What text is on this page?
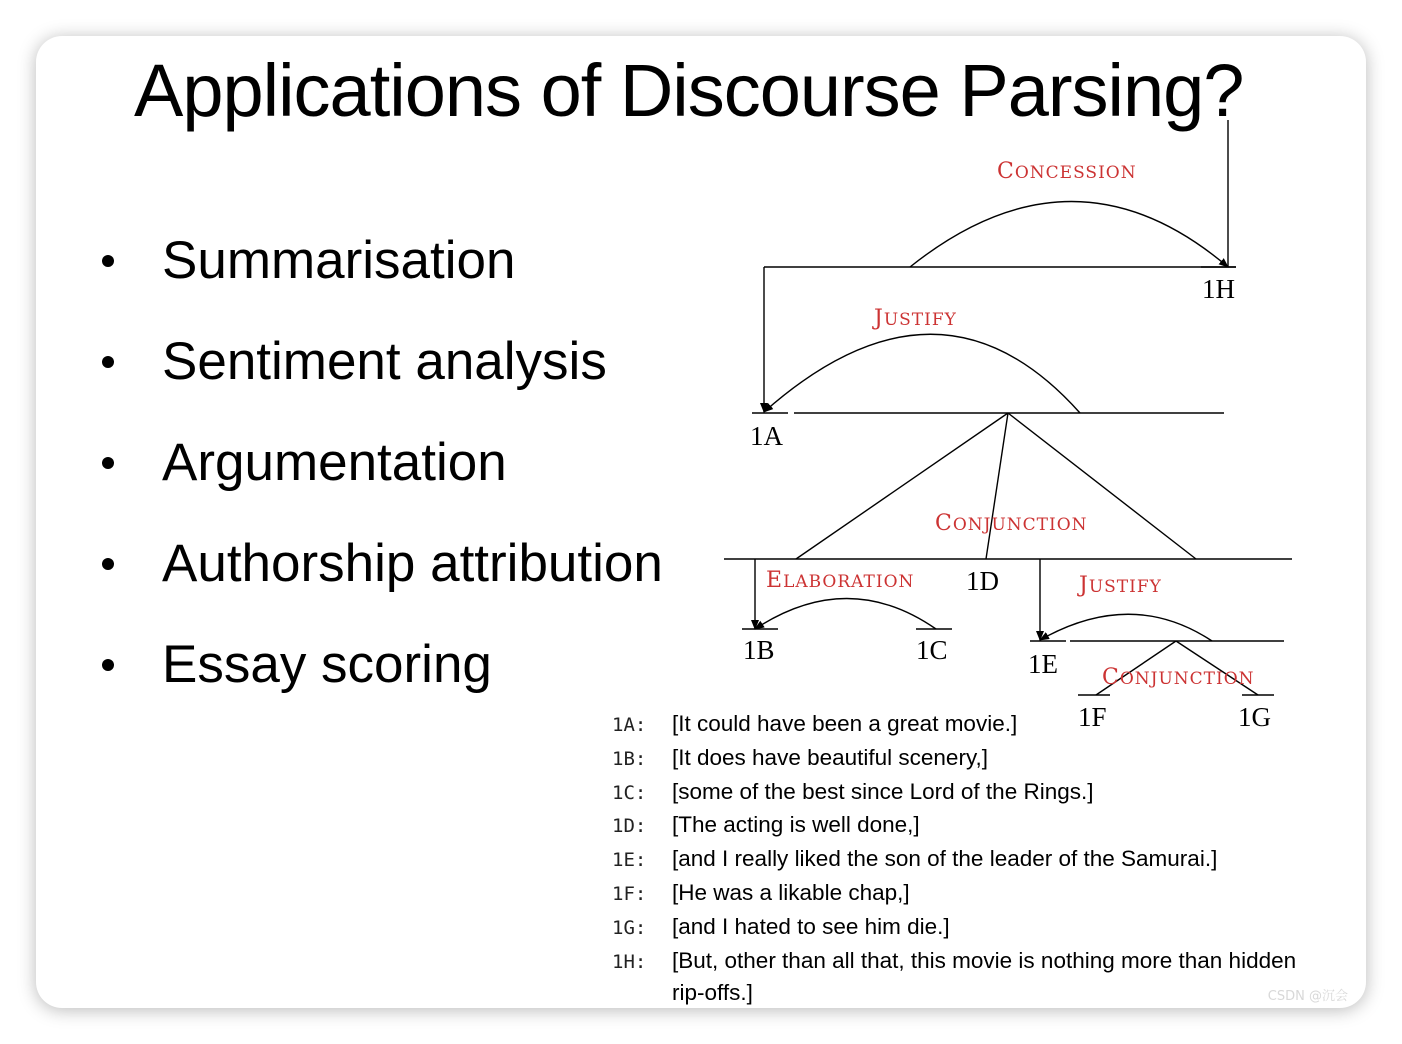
Applications of Discourse Parsing?
Summarisation
Sentiment analysis
Argumentation
Authorship attribution
Essay scoring
CONCESSION
JUSTIFY
CONJUNCTION
ELABORATION	JUSTIFY
CONJUNCTION
1H
1A
1D
1B	1C	1E
1F	1G
1A:	[It could have been a great movie.]
1B:	[It does have beautiful scenery,]
1C:	[some of the best since Lord of the Rings.]
1D:	[The acting is well done,]
1E:	[and I really liked the son of the leader of the Samurai.]
1F:	[He was a likable chap,]
1G:	[and I hated to see him die.]
1H:	[But, other than all that, this movie is nothing more than hidden rip-offs.]	CSDN @沉会
